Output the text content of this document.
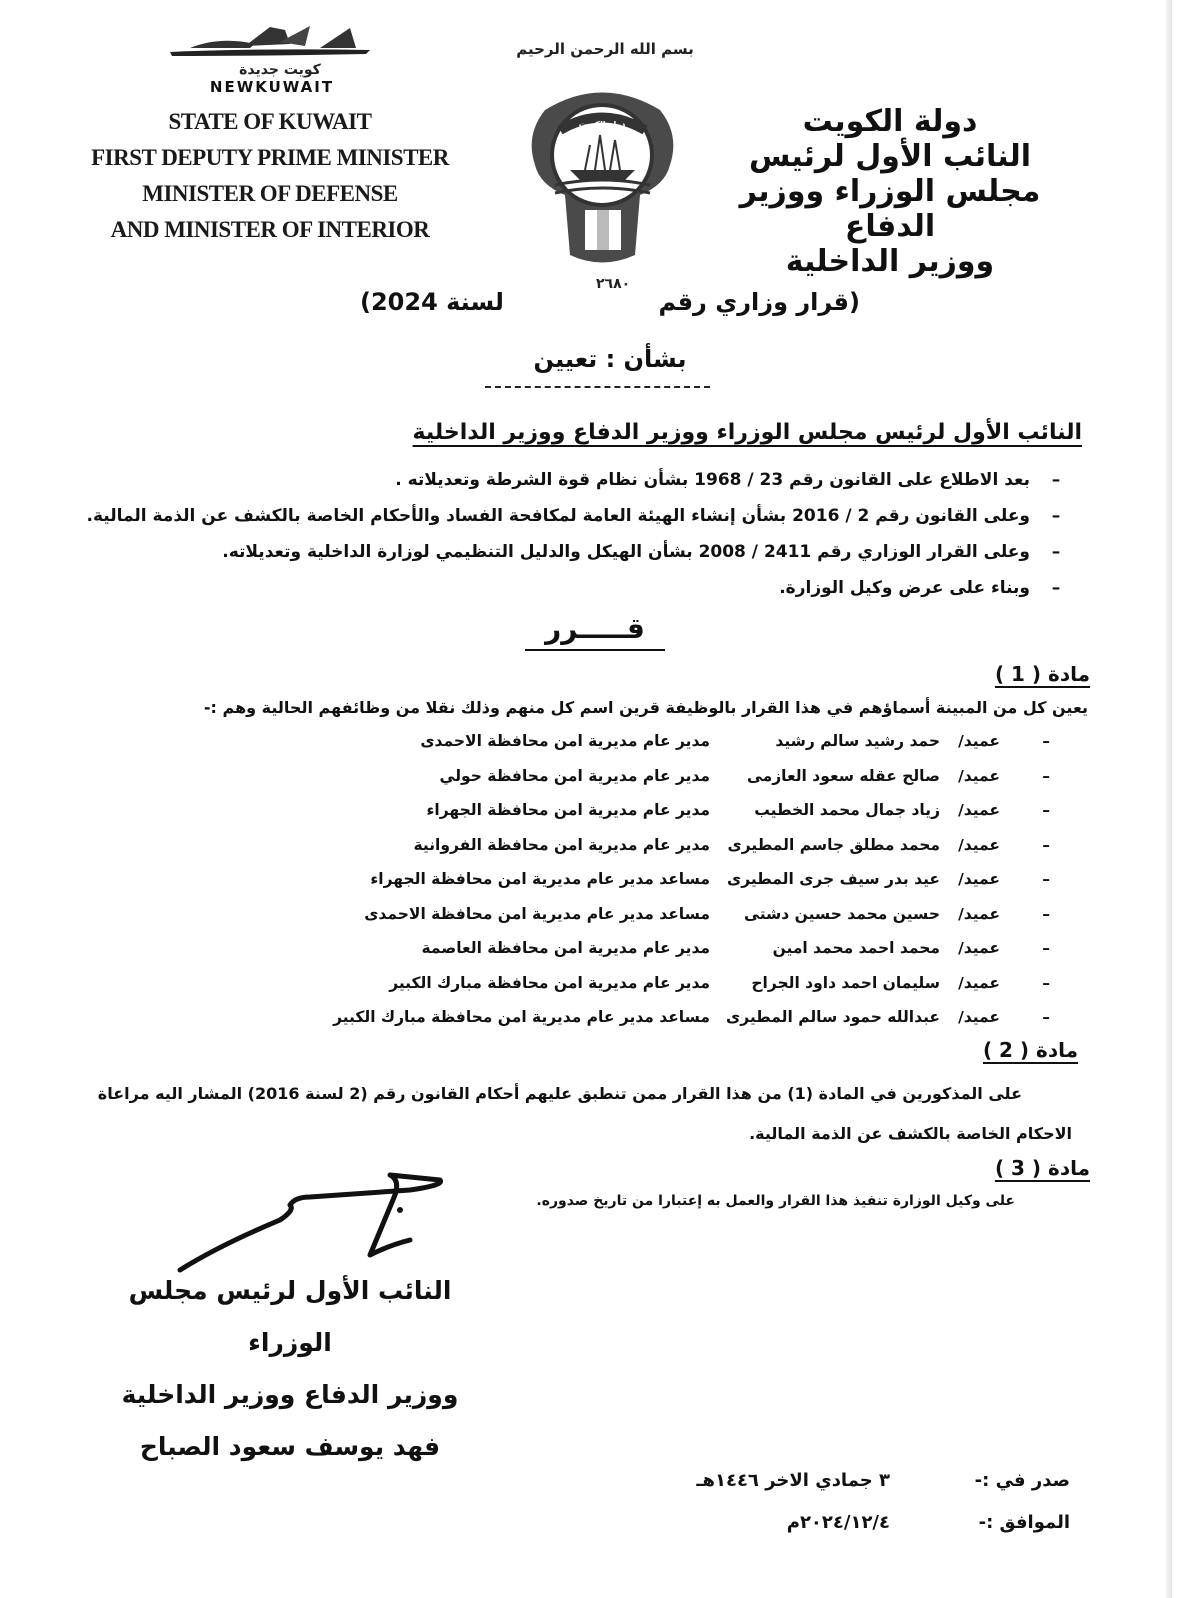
كويت جديدة
NEWKUWAIT
STATE OF KUWAIT
FIRST DEPUTY PRIME MINISTER
MINISTER OF DEFENSE
AND MINISTER OF INTERIOR
بسم الله الرحمن الرحيم
دولة الكويت	دولة الكويت
النائب الأول لرئيس
مجلس الوزراء ووزير الدفاع
ووزير الداخلية
٢٦٨٠
(قرار وزاري رقم
لسنة 2024)
بشأن : تعيين
النائب الأول لرئيس مجلس الوزراء ووزير الدفاع ووزير الداخلية
– بعد الاطلاع على القانون رقم 23 / 1968 بشأن نظام قوة الشرطة وتعديلاته .
– وعلى القانون رقم 2 / 2016 بشأن إنشاء الهيئة العامة لمكافحة الفساد والأحكام الخاصة بالكشف عن الذمة المالية.
– وعلى القرار الوزاري رقم 2411 / 2008 بشأن الهيكل والدليل التنظيمي لوزارة الداخلية وتعديلاته.
– وبناء على عرض وكيل الوزارة.
قـــــرر
مادة ( 1 )
يعين كل من المبينة أسماؤهم في هذا القرار بالوظيفة قرين اسم كل منهم وذلك نقلا من وظائفهم الحالية وهم :-
–
عميد/
حمد رشيد سالم رشيد
مدير عام مديرية امن محافظة الاحمدى
–
عميد/
صالح عقله سعود العازمى
مدير عام مديرية امن محافظة حولي
–
عميد/
زياد جمال محمد الخطيب
مدير عام مديرية امن محافظة الجهراء
–
عميد/
محمد مطلق جاسم المطيرى
مدير عام مديرية امن محافظة الفروانية
–
عميد/
عيد بدر سيف جرى المطيرى
مساعد مدير عام مديرية امن محافظة الجهراء
–
عميد/
حسين محمد حسين دشتى
مساعد مدير عام مديرية امن محافظة الاحمدى
–
عميد/
محمد احمد محمد امين
مدير عام مديرية امن محافظة العاصمة
–
عميد/
سليمان احمد داود الجراح
مدير عام مديرية امن محافظة مبارك الكبير
–
عميد/
عبدالله حمود سالم المطيرى
مساعد مدير عام مديرية امن محافظة مبارك الكبير
مادة ( 2 )
على المذكورين في المادة (1) من هذا القرار ممن تنطبق عليهم أحكام القانون رقم (2 لسنة 2016) المشار اليه مراعاة الاحكام الخاصة بالكشف عن الذمة المالية.
مادة ( 3 )
على وكيل الوزارة تنفيذ هذا القرار والعمل به إعتبارا من تاريخ صدوره.
النائب الأول لرئيس مجلس الوزراء
ووزير الدفاع ووزير الداخلية
فهد يوسف سعود الصباح
صدر في :-
٣ جمادي الاخر ١٤٤٦هـ
الموافق :-
٢٠٢٤/١٢/٤م
